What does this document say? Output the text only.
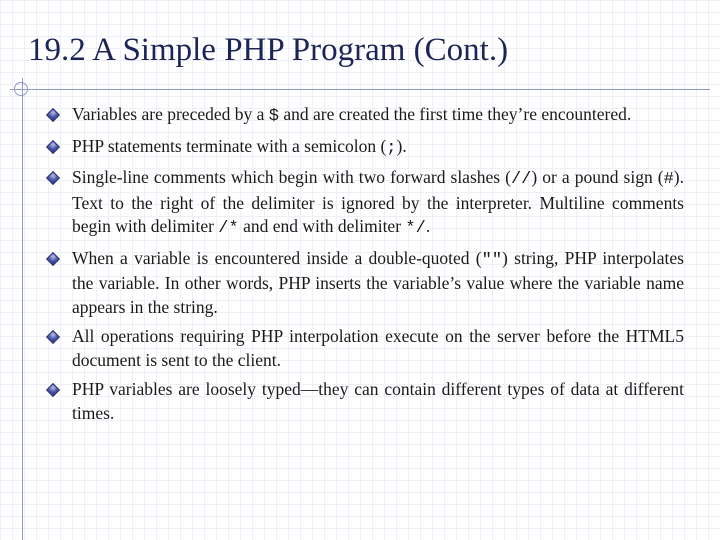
19.2 A Simple PHP Program (Cont.)
Variables are preceded by a $ and are created the first time they’re encountered.
PHP statements terminate with a semicolon (;).
Single-line comments which begin with two forward slashes (//) or a pound sign (#). Text to the right of the delimiter is ignored by the interpreter. Multiline comments begin with delimiter /* and end with delimiter */.
When a variable is encountered inside a double-quoted ("") string, PHP interpolates the variable. In other words, PHP inserts the variable’s value where the variable name appears in the string.
All operations requiring PHP interpolation execute on the server before the HTML5 document is sent to the client.
PHP variables are loosely typed—they can contain different types of data at different times.
